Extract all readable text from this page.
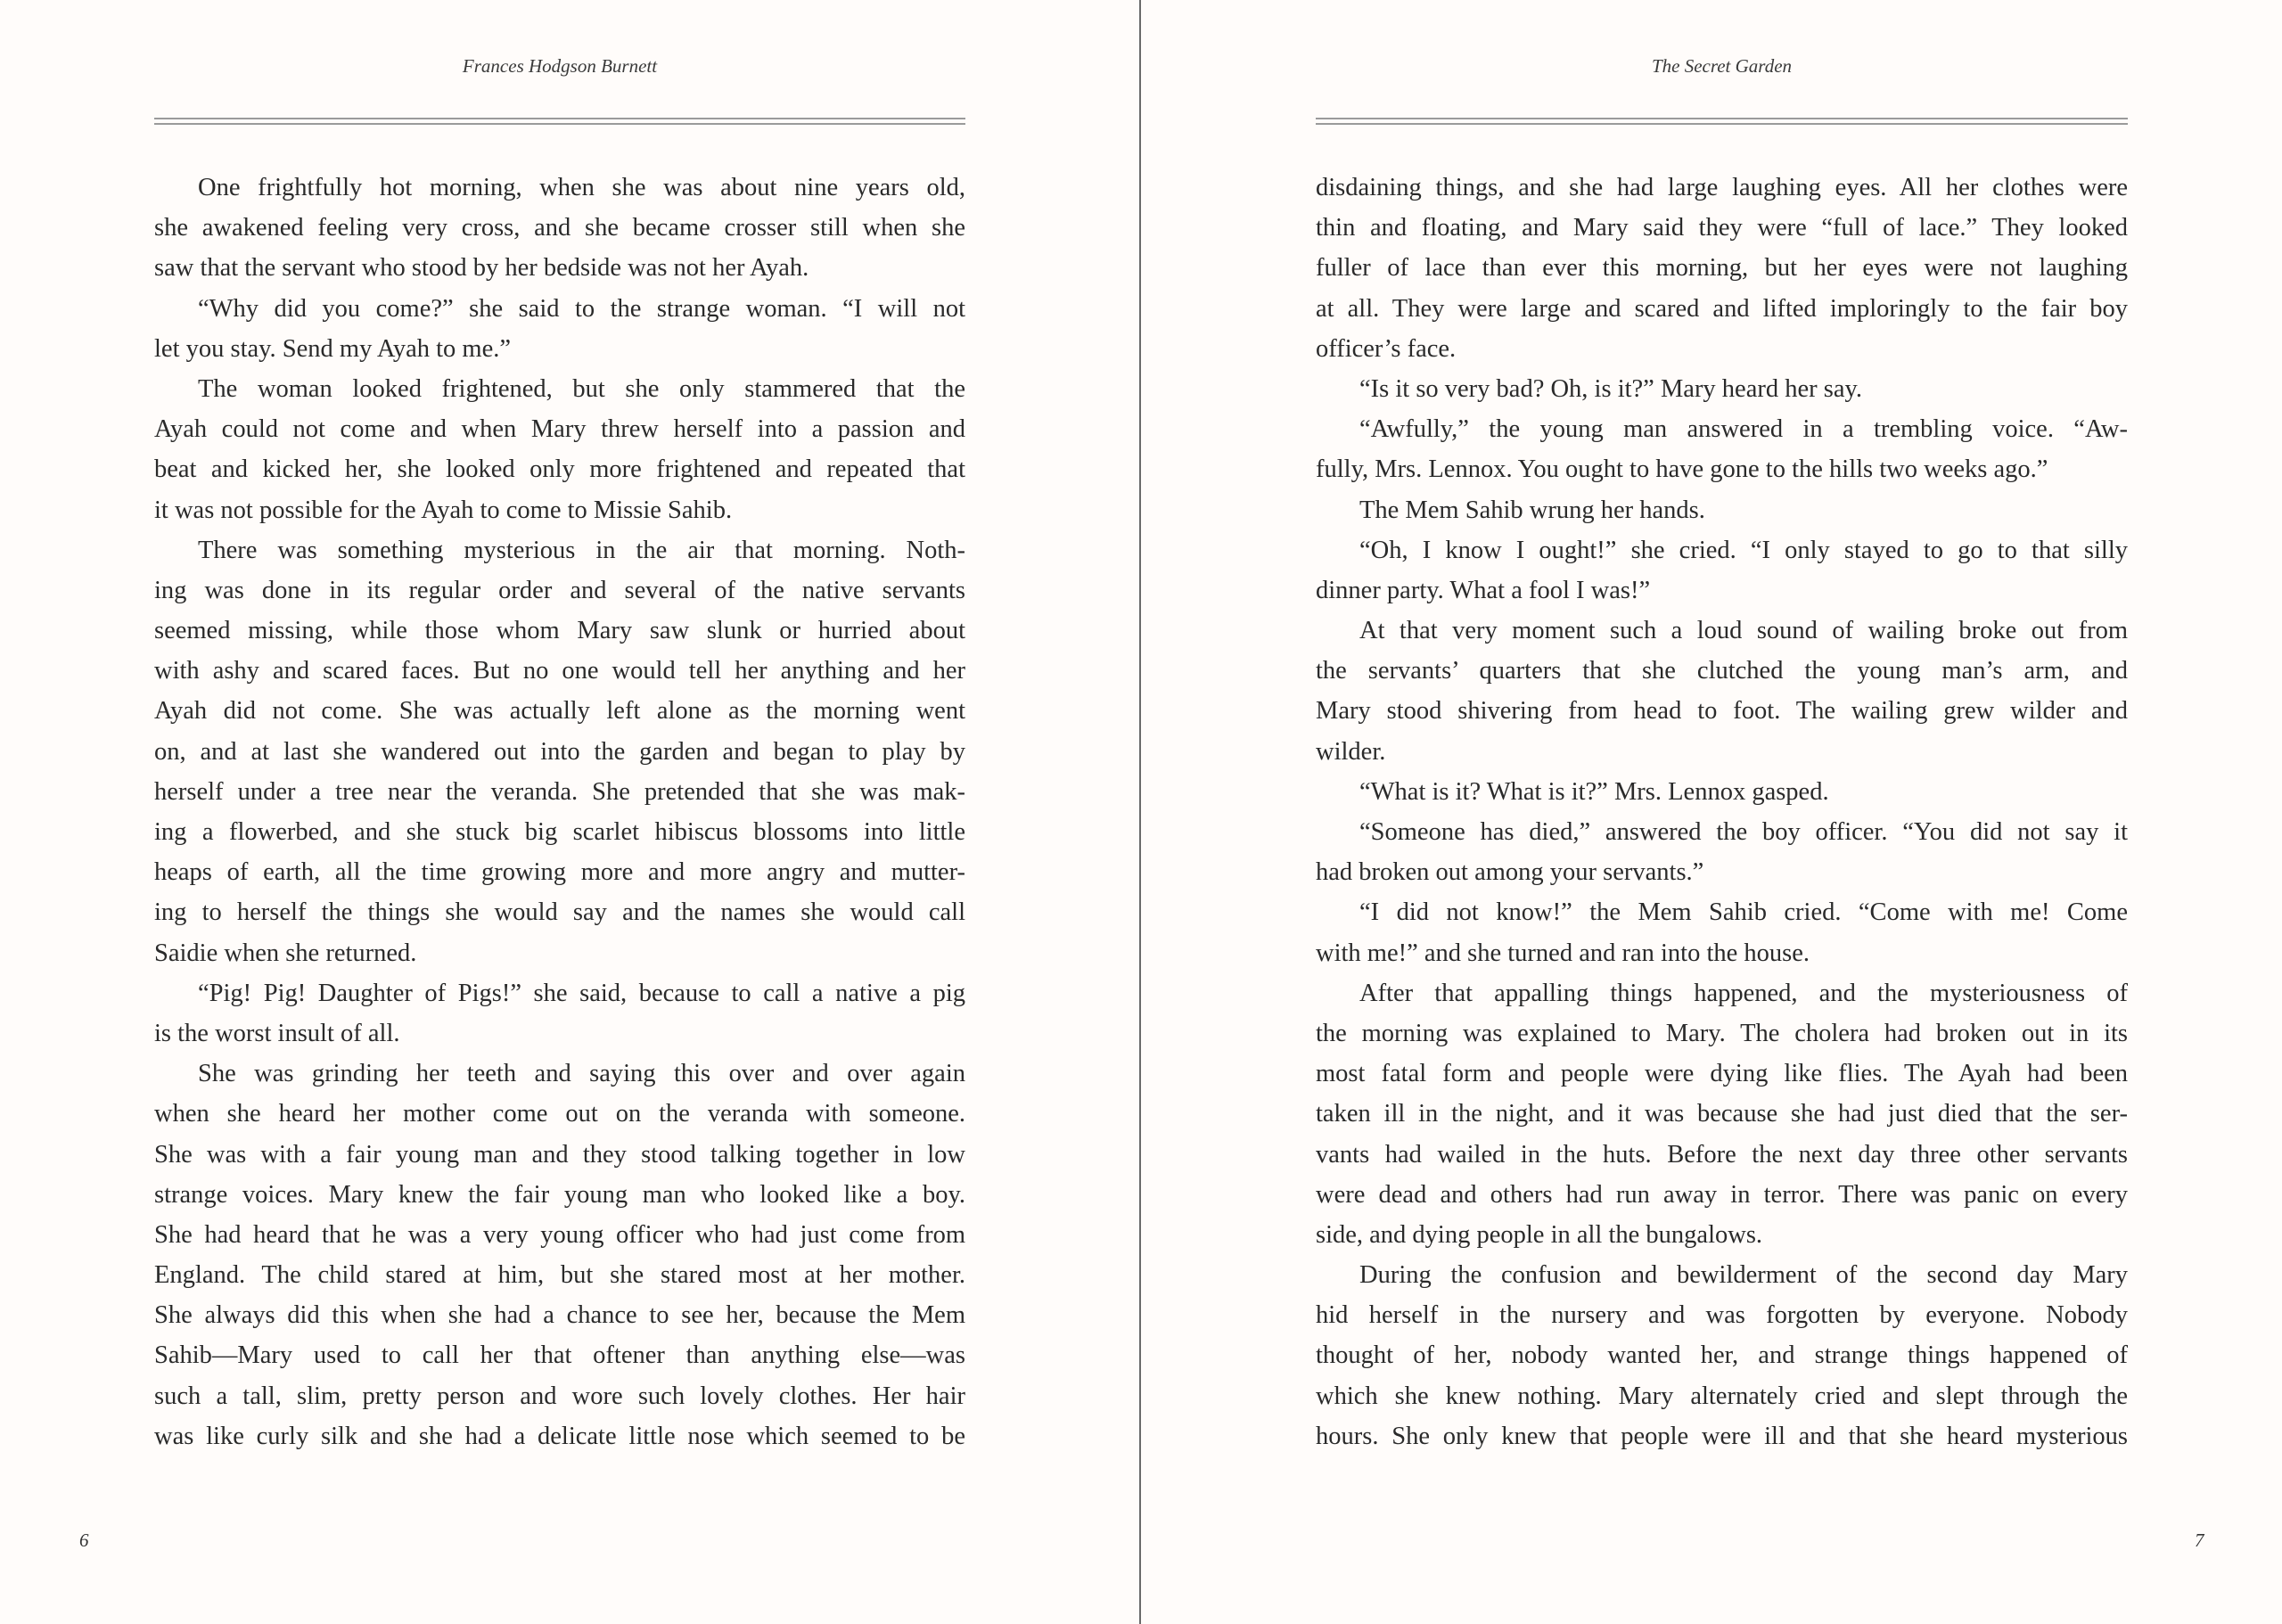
Frances Hodgson Burnett
One frightfully hot morning, when she was about nine years old,
she awakened feeling very cross, and she became crosser still when she
saw that the servant who stood by her bedside was not her Ayah.
“Why did you come?” she said to the strange woman. “I will not
let you stay. Send my Ayah to me.”
The woman looked frightened, but she only stammered that the
Ayah could not come and when Mary threw herself into a passion and
beat and kicked her, she looked only more frightened and repeated that
it was not possible for the Ayah to come to Missie Sahib.
There was something mysterious in the air that morning. Noth-
ing was done in its regular order and several of the native servants
seemed missing, while those whom Mary saw slunk or hurried about
with ashy and scared faces. But no one would tell her anything and her
Ayah did not come. She was actually left alone as the morning went
on, and at last she wandered out into the garden and began to play by
herself under a tree near the veranda. She pretended that she was mak-
ing a flowerbed, and she stuck big scarlet hibiscus blossoms into little
heaps of earth, all the time growing more and more angry and mutter-
ing to herself the things she would say and the names she would call
Saidie when she returned.
“Pig! Pig! Daughter of Pigs!” she said, because to call a native a pig
is the worst insult of all.
She was grinding her teeth and saying this over and over again
when she heard her mother come out on the veranda with someone.
She was with a fair young man and they stood talking together in low
strange voices. Mary knew the fair young man who looked like a boy.
She had heard that he was a very young officer who had just come from
England. The child stared at him, but she stared most at her mother.
She always did this when she had a chance to see her, because the Mem
Sahib—Mary used to call her that oftener than anything else—was
such a tall, slim, pretty person and wore such lovely clothes. Her hair
was like curly silk and she had a delicate little nose which seemed to be
6
The Secret Garden
disdaining things, and she had large laughing eyes. All her clothes were
thin and floating, and Mary said they were “full of lace.” They looked
fuller of lace than ever this morning, but her eyes were not laughing
at all. They were large and scared and lifted imploringly to the fair boy
officer’s face.
“Is it so very bad? Oh, is it?” Mary heard her say.
“Awfully,” the young man answered in a trembling voice. “Aw-
fully, Mrs. Lennox. You ought to have gone to the hills two weeks ago.”
The Mem Sahib wrung her hands.
“Oh, I know I ought!” she cried. “I only stayed to go to that silly
dinner party. What a fool I was!”
At that very moment such a loud sound of wailing broke out from
the servants’ quarters that she clutched the young man’s arm, and
Mary stood shivering from head to foot. The wailing grew wilder and
wilder.
“What is it? What is it?” Mrs. Lennox gasped.
“Someone has died,” answered the boy officer. “You did not say it
had broken out among your servants.”
“I did not know!” the Mem Sahib cried. “Come with me! Come
with me!” and she turned and ran into the house.
After that appalling things happened, and the mysteriousness of
the morning was explained to Mary. The cholera had broken out in its
most fatal form and people were dying like flies. The Ayah had been
taken ill in the night, and it was because she had just died that the ser-
vants had wailed in the huts. Before the next day three other servants
were dead and others had run away in terror. There was panic on every
side, and dying people in all the bungalows.
During the confusion and bewilderment of the second day Mary
hid herself in the nursery and was forgotten by everyone. Nobody
thought of her, nobody wanted her, and strange things happened of
which she knew nothing. Mary alternately cried and slept through the
hours. She only knew that people were ill and that she heard mysterious
7
